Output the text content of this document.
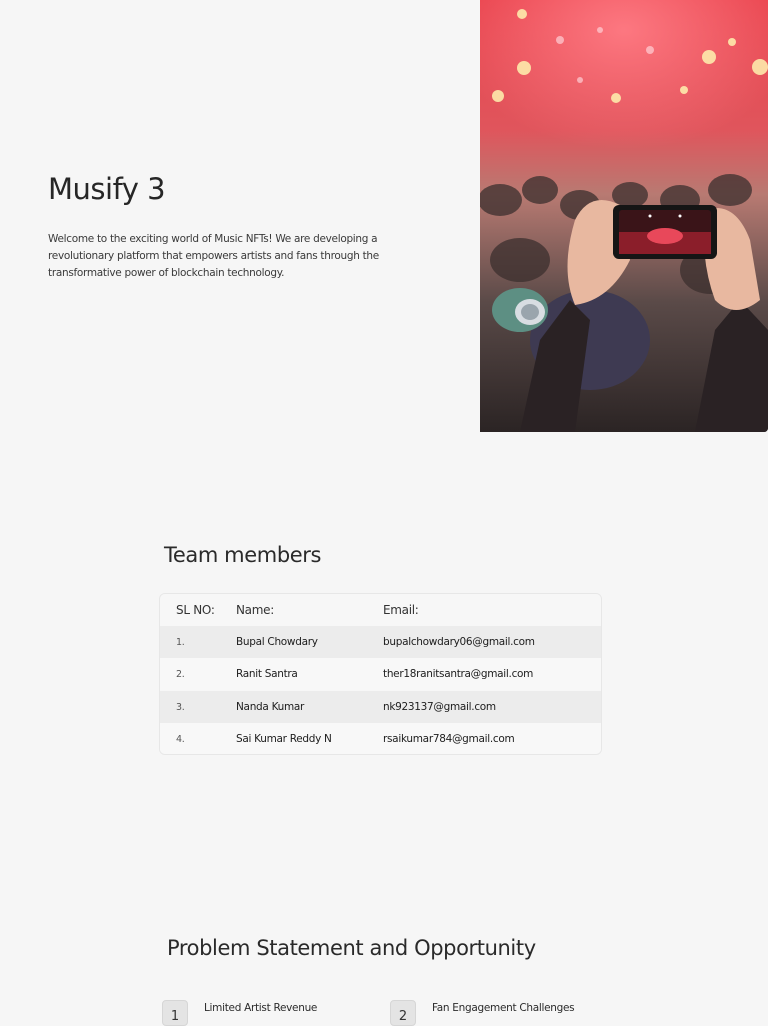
Musify 3

Welcome to the exciting world of Music NFTs! We are developing a revolutionary platform that empowers artists and fans through the transformative power of blockchain technology.

Team members
SL NO: Name:	Email:
1.	Bupal Chowdary	bupalchowdary06@gmail.com
2.	Ranit Santra	ther18ranitsantra@gmail.com
3.	Nanda Kumar	nk923137@gmail.com
4.	Sai Kumar Reddy N	rsaikumar784@gmail.com
Problem Statement and Opportunity
1
Limited Artist Revenue
2
Fan Engagement Challenges
